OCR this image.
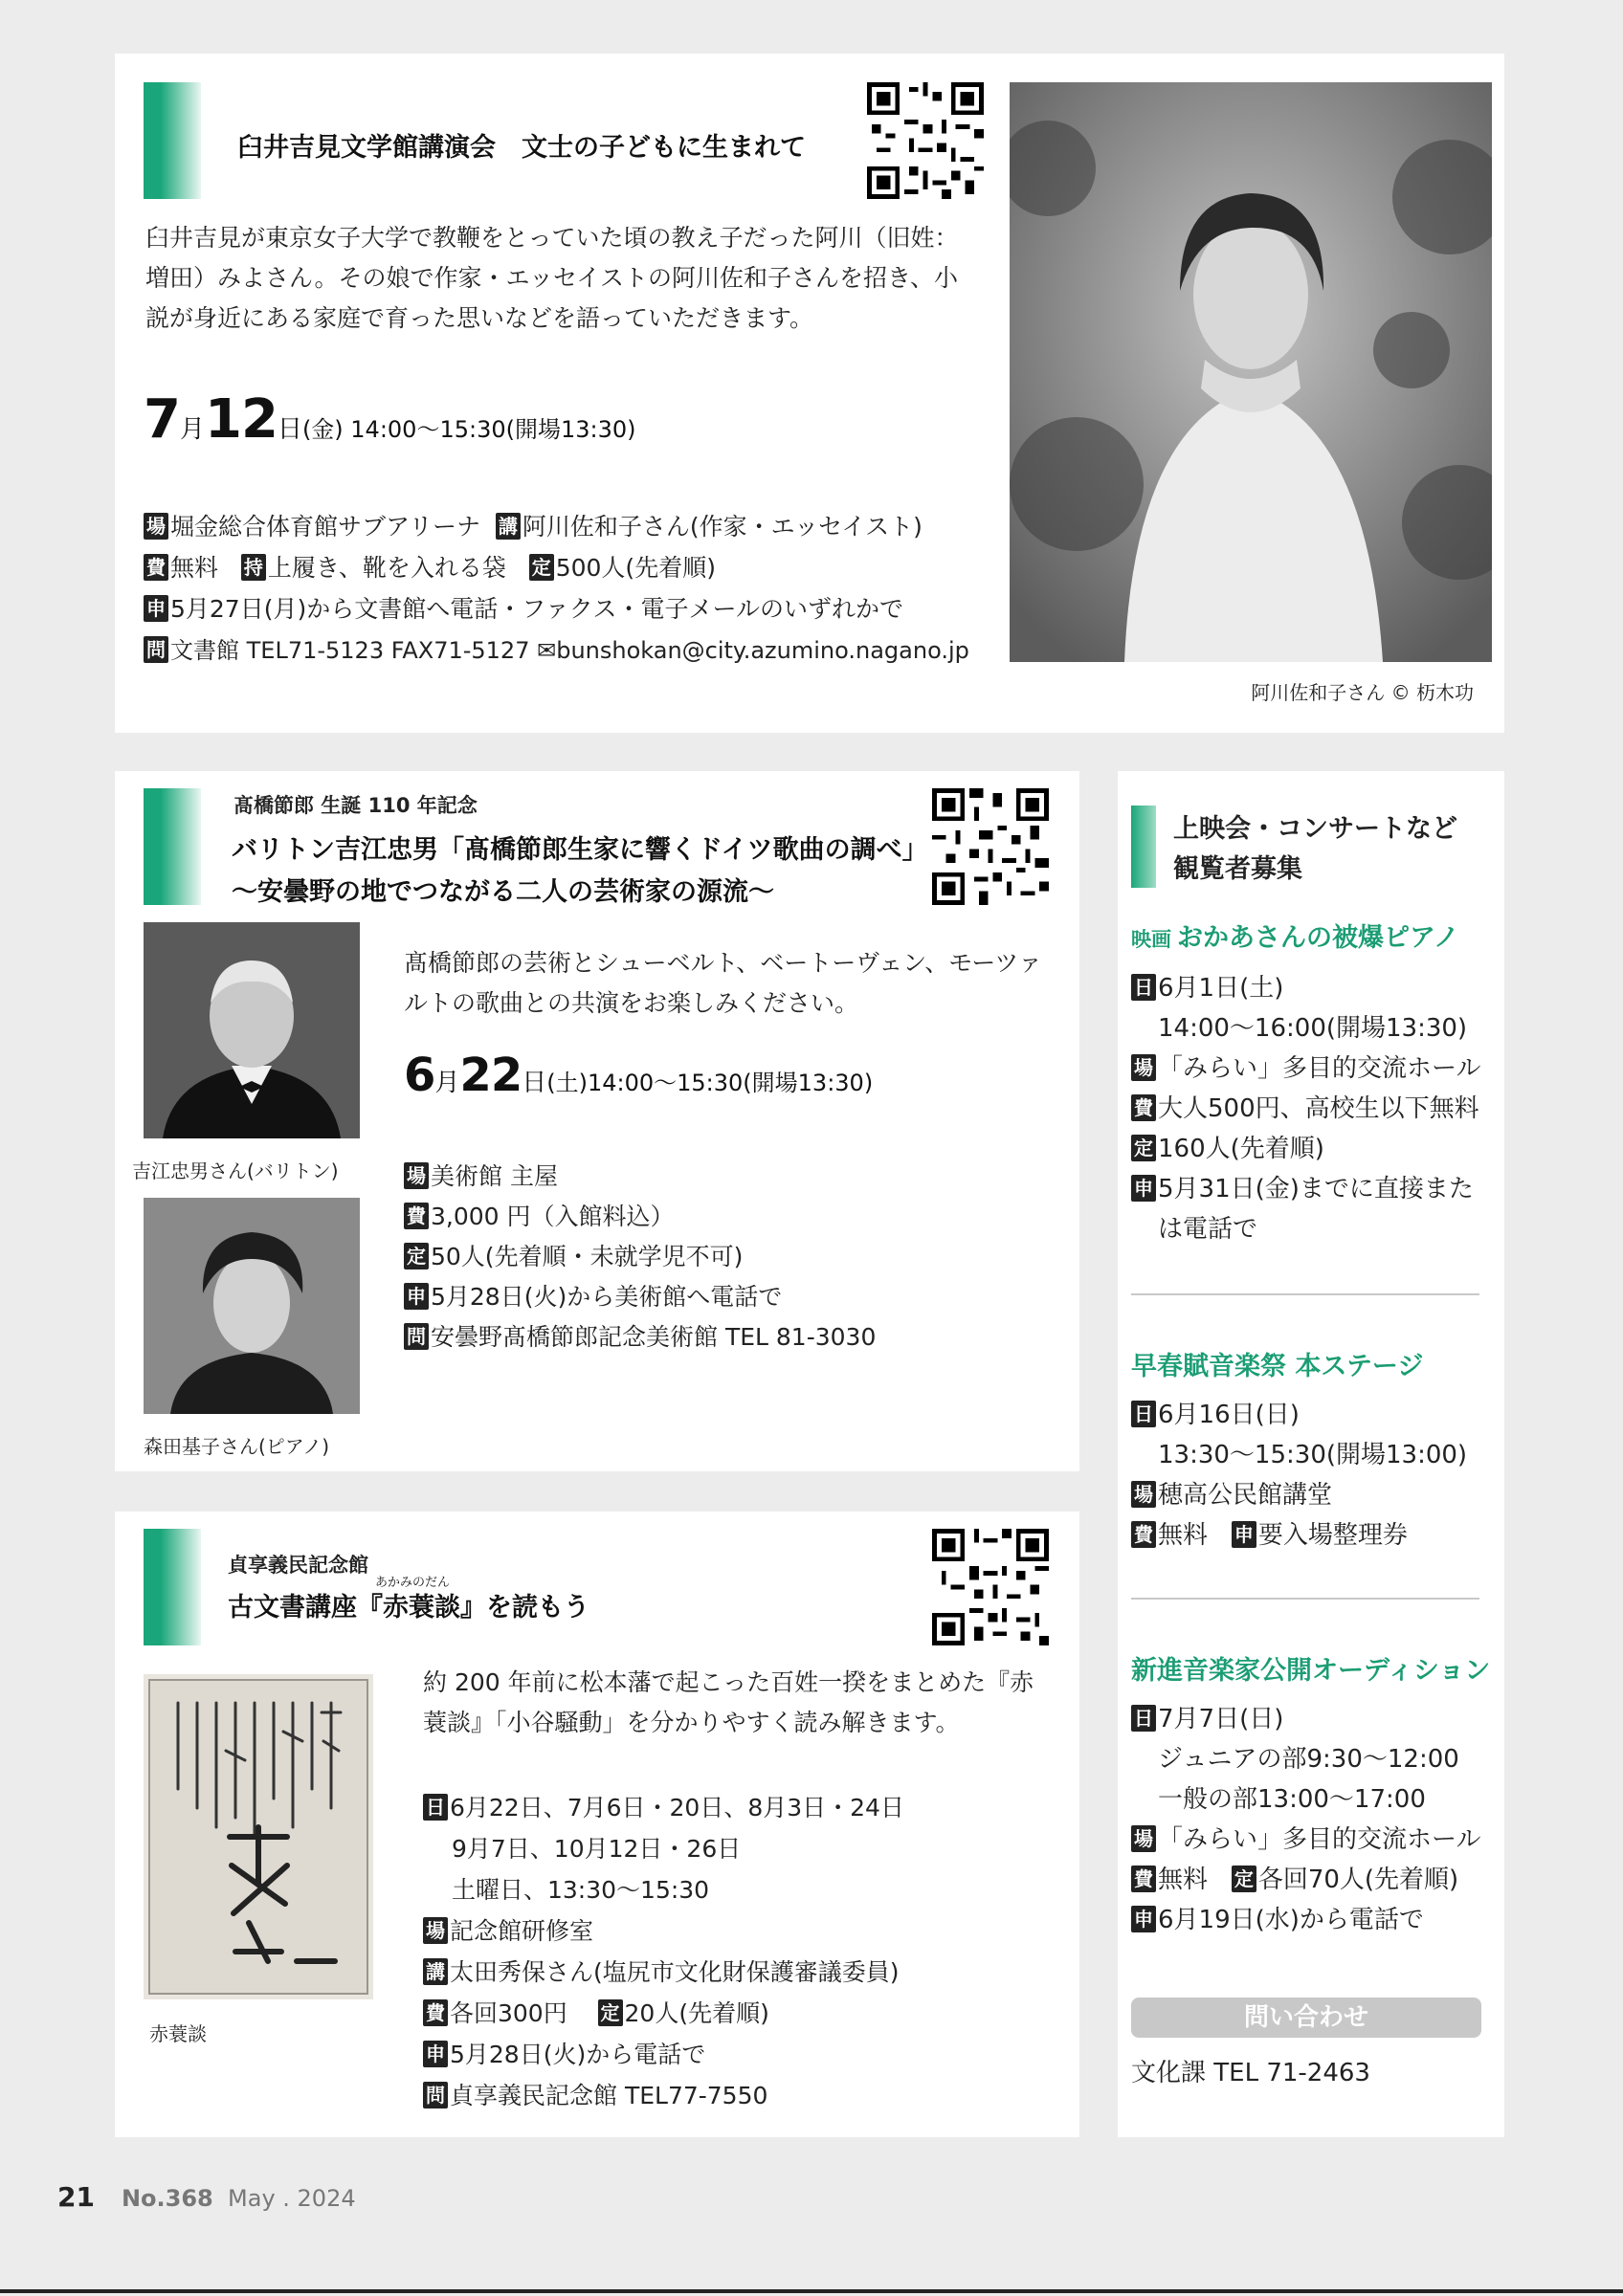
臼井吉見文学館講演会　文士の子どもに生まれて
臼井吉見が東京女子大学で教鞭をとっていた頃の教え子だった阿川（旧姓：増田）みよさん。その娘で作家・エッセイストの阿川佐和子さんを招き、小説が身近にある家庭で育った思いなどを語っていただきます。
7月12日(金) 14:00～15:30(開場13:30)
場 堀金総合体育館サブアリーナ 講 阿川佐和子さん(作家・エッセイスト)
費 無料 持 上履き、靴を入れる袋 定 500人(先着順)
申 5月27日(月)から文書館へ電話・ファクス・電子メールのいずれかで
問 文書館 TEL71-5123 FAX71-5127 ✉bunshokan@city.azumino.nagano.jp
阿川佐和子さん © 杤木功
髙橋節郎 生誕 110 年記念
バリトン吉江忠男「髙橋節郎生家に響くドイツ歌曲の調べ」
～安曇野の地でつながる二人の芸術家の源流～
吉江忠男さん(バリトン)
森田基子さん(ピアノ)
髙橋節郎の芸術とシューベルト、ベートーヴェン、モーツァルトの歌曲との共演をお楽しみください。
6月22日(土)14:00～15:30(開場13:30)
場 美術館 主屋
費 3,000 円（入館料込）
定 50人(先着順・未就学児不可)
申 5月28日(火)から美術館へ電話で
問 安曇野髙橋節郎記念美術館 TEL 81-3030
貞享義民記念館
古文書講座『
あかみのだん
赤蓑談』を読もう
赤蓑談
約 200 年前に松本藩で起こった百姓一揆をまとめた『赤蓑談』「小谷騒動」を分かりやすく読み解きます。
日 6月22日、7月6日・20日、8月3日・24日
9月7日、10月12日・26日
土曜日、13:30～15:30
場 記念館研修室
講 太田秀保さん(塩尻市文化財保護審議委員)
費 各回300円 定 20人(先着順)
申 5月28日(火)から電話で
問 貞享義民記念館 TEL77-7550
上映会・コンサートなど
観覧者募集
映画 おかあさんの被爆ピアノ
日 6月1日(土)
14:00～16:00(開場13:30)
場 「みらい」多目的交流ホール
費 大人500円、高校生以下無料
定 160人(先着順)
申 5月31日(金)までに直接また
は電話で
早春賦音楽祭 本ステージ
日 6月16日(日)
13:30～15:30(開場13:00)
場 穂高公民館講堂
費 無料 申 要入場整理券
新進音楽家公開オーディション
日 7月7日(日)
ジュニアの部9:30～12:00
一般の部13:00～17:00
場 「みらい」多目的交流ホール
費 無料 定 各回70人(先着順)
申 6月19日(水)から電話で
問い合わせ
文化課 TEL 71-2463
21 No.368 May . 2024
